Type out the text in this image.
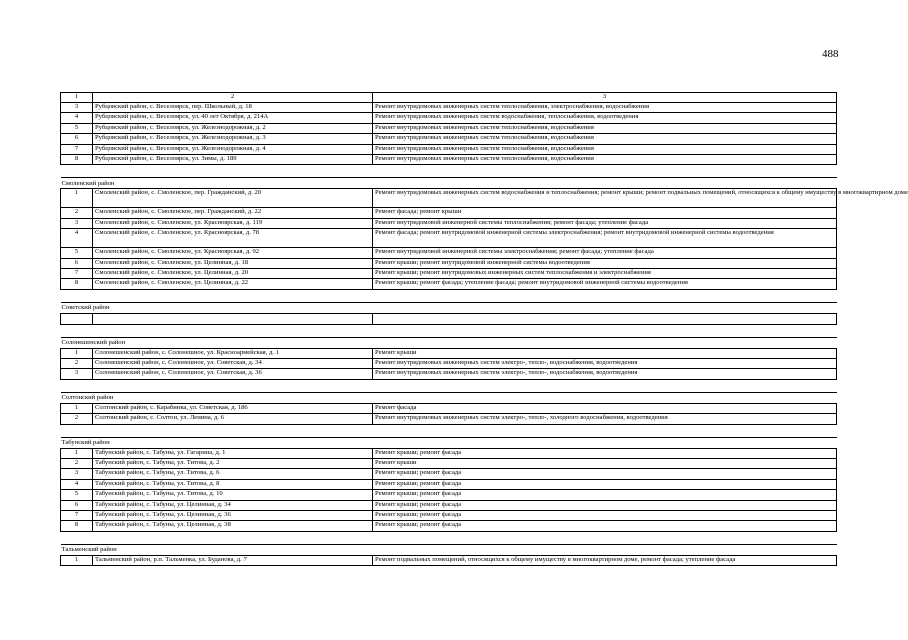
488
1	2	3
3	Рубцовский район, с. Веселоярск, пер. Школьный, д. 18	Ремонт внутридомовых инженерных систем теплоснабжения, электроснабжения, водоснабжения
4	Рубцовский район, с. Веселоярск, ул. 40 лет Октября, д. 214А	Ремонт внутридомовых инженерных систем водоснабжения, теплоснабжения, водоотведения
5	Рубцовский район, с. Веселоярск, ул. Железнодорожная, д. 2	Ремонт внутридомовых инженерных систем теплоснабжения, водоснабжения
6	Рубцовский район, с. Веселоярск, ул. Железнодорожная, д. 3	Ремонт внутридомовых инженерных систем теплоснабжения, водоснабжения
7	Рубцовский район, с. Веселоярск, ул. Железнодорожная, д. 4	Ремонт внутридомовых инженерных систем теплоснабжения, водоснабжения
8	Рубцовский район, с. Веселоярск, ул. Зимы, д. 189	Ремонт внутридомовых инженерных систем теплоснабжения, водоснабжения

Смоленский район		
1	Смоленский район, с. Смоленское, пер. Гражданский, д. 20	Ремонт внутридомовых инженерных систем водоснабжения и теплоснабжения; ремонт крыши; ремонт подвальных помещений, относящихся к общему имуществу в многоквартирном доме
2	Смоленский район, с. Смоленское, пер. Гражданский, д. 22	Ремонт фасада; ремонт крыши
3	Смоленский район, с. Смоленское, ул. Красноярская, д. 119	Ремонт внутридомовой инженерной системы теплоснабжения; ремонт фасада; утепление фасада
4	Смоленский район, с. Смоленское, ул. Красноярская, д. 78	Ремонт фасада; ремонт внутридомовой инженерной системы электроснабжения; ремонт внутридомовой инженерной системы водоотведения
5	Смоленский район, с. Смоленское, ул. Красноярская, д. 92	Ремонт внутридомовой инженерной системы электроснабжения; ремонт фасада; утепление фасада
6	Смоленский район, с. Смоленское, ул. Целинная, д. 18	Ремонт крыши; ремонт внутридомовой инженерной системы водоотведения
7	Смоленский район, с. Смоленское, ул. Целинная, д. 20	Ремонт крыши; ремонт внутридомовых инженерных систем теплоснабжения и электроснабжения
8	Смоленский район, с. Смоленское, ул. Целинная, д. 22	Ремонт крыши; ремонт фасада; утепление фасада; ремонт внутридомовой инженерной системы водоотведения

Советский район		

Солонешенский район		
1	Солонешенский район, с. Солонешное, ул. Красноармейская, д. 1	Ремонт крыши
2	Солонешенский район, с. Солонешное, ул. Советская, д. 34	Ремонт внутридомовых инженерных систем электро-, тепло-, водоснабжения, водоотведения
3	Солонешенский район, с. Солонешное, ул. Советская, д. 36	Ремонт внутридомовых инженерных систем электро-, тепло-, водоснабжения, водоотведения

Солтонский район		
1	Солтонский район, с. Карабинка, ул. Советская, д. 186	Ремонт фасада
2	Солтонский район, с. Солтон, ул. Ленина, д. 6	Ремонт внутридомовых инженерных систем электро-, тепло-, холодного водоснабжения, водоотведения

Табунский район		
1	Табунский район, с. Табуны, ул. Гагарина, д. 1	Ремонт крыши; ремонт фасада
2	Табунский район, с. Табуны, ул. Титова, д. 2	Ремонт крыши
3	Табунский район, с. Табуны, ул. Титова, д. 6	Ремонт крыши; ремонт фасада
4	Табунский район, с. Табуны, ул. Титова, д. 8	Ремонт крыши; ремонт фасада
5	Табунский район, с. Табуны, ул. Титова, д. 10	Ремонт крыши; ремонт фасада
6	Табунский район, с. Табуны, ул. Целинная, д. 34	Ремонт крыши; ремонт фасада
7	Табунский район, с. Табуны, ул. Целинная, д. 36	Ремонт крыши; ремонт фасада
8	Табунский район, с. Табуны, ул. Целинная, д. 38	Ремонт крыши; ремонт фасада

Тальменский район		
1	Тальменский район, р.п. Тальменка, ул. Буданова, д. 7	Ремонт подвальных помещений, относящихся к общему имуществу в многоквартирном доме, ремонт фасада; утепление фасада
